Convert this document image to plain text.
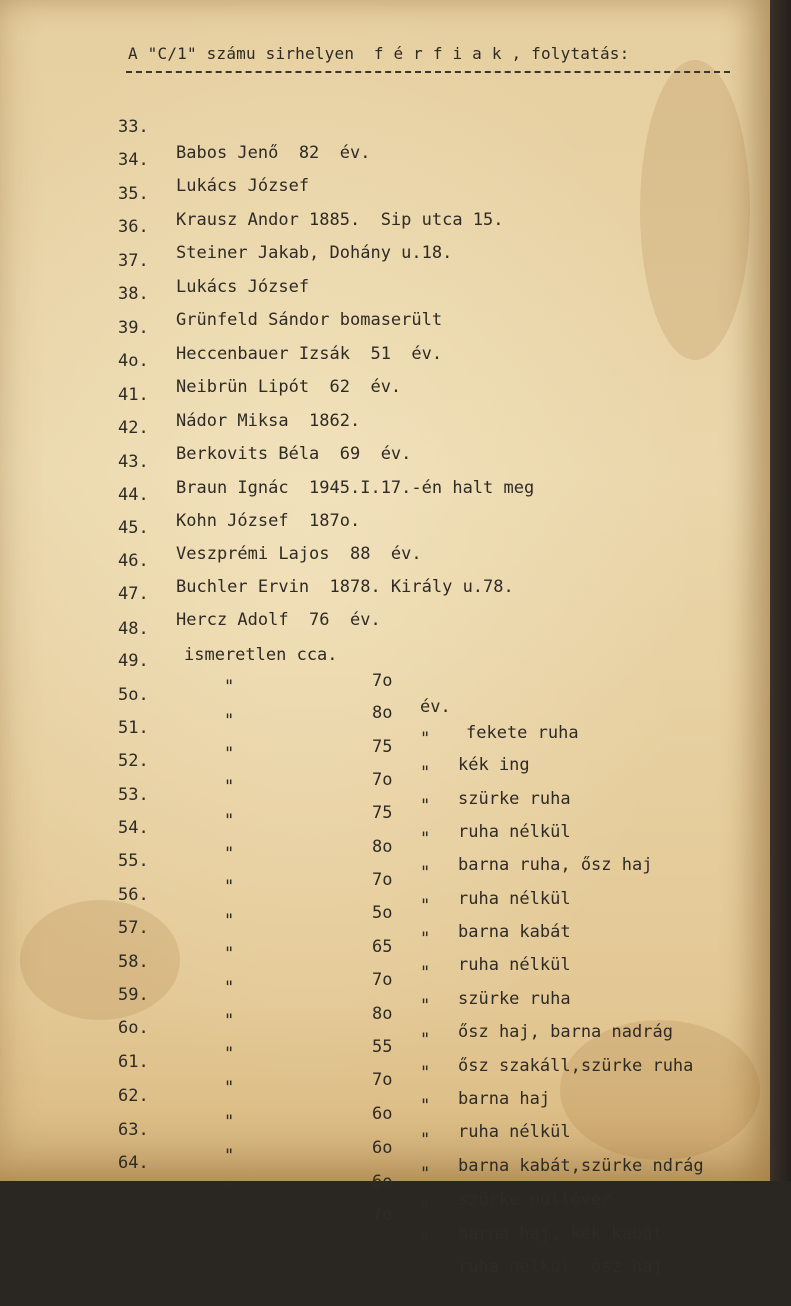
A "C/1" számu sirhelyen  f é r f i a k , folytatás:

33.

Babos Jenő  82  év.

34.

Lukács József

35.

Krausz Andor 1885.  Sip utca 15.

36.

Steiner Jakab, Dohány u.18.

37.

Lukács József

38.

Grünfeld Sándor bomaserült

39.

Heccenbauer Izsák  51  év.

4o.

Neibrün Lipót  62  év.

41.

Nádor Miksa  1862.

42.

Berkovits Béla  69  év.

43.

Braun Ignác  1945.I.17.-én halt meg

44.

Kohn József  187o.

45.

Veszprémi Lajos  88  év.

46.

Buchler Ervin  1878. Király u.78.

47.

Hercz Adolf  76  év.

48.

ismeretlen cca.

7o

év.

fekete ruha

49.

"

8o

"

kék ing

5o.

"

75

"

szürke ruha

51.

"

7o

"

ruha nélkül

52.

"

75

"

barna ruha, ősz haj

53.

"

8o

"

ruha nélkül

54.

"

7o

"

barna kabát

55.

"

5o

"

ruha nélkül

56.

"

65

"

szürke ruha

57.

"

7o

"

ősz haj, barna nadrág

58.

"

8o

"

ősz szakáll,szürke ruha

59.

"

55

"

barna haj

6o.

"

7o

"

ruha nélkül

61.

"

6o

"

barna kabát,szürke ndrág

62.

"

6o

"

szürke pullóver

63.

"

6o

"

barna haj, kék kabát

64.

"

7o

"

ruha nélkül  ősz haj
